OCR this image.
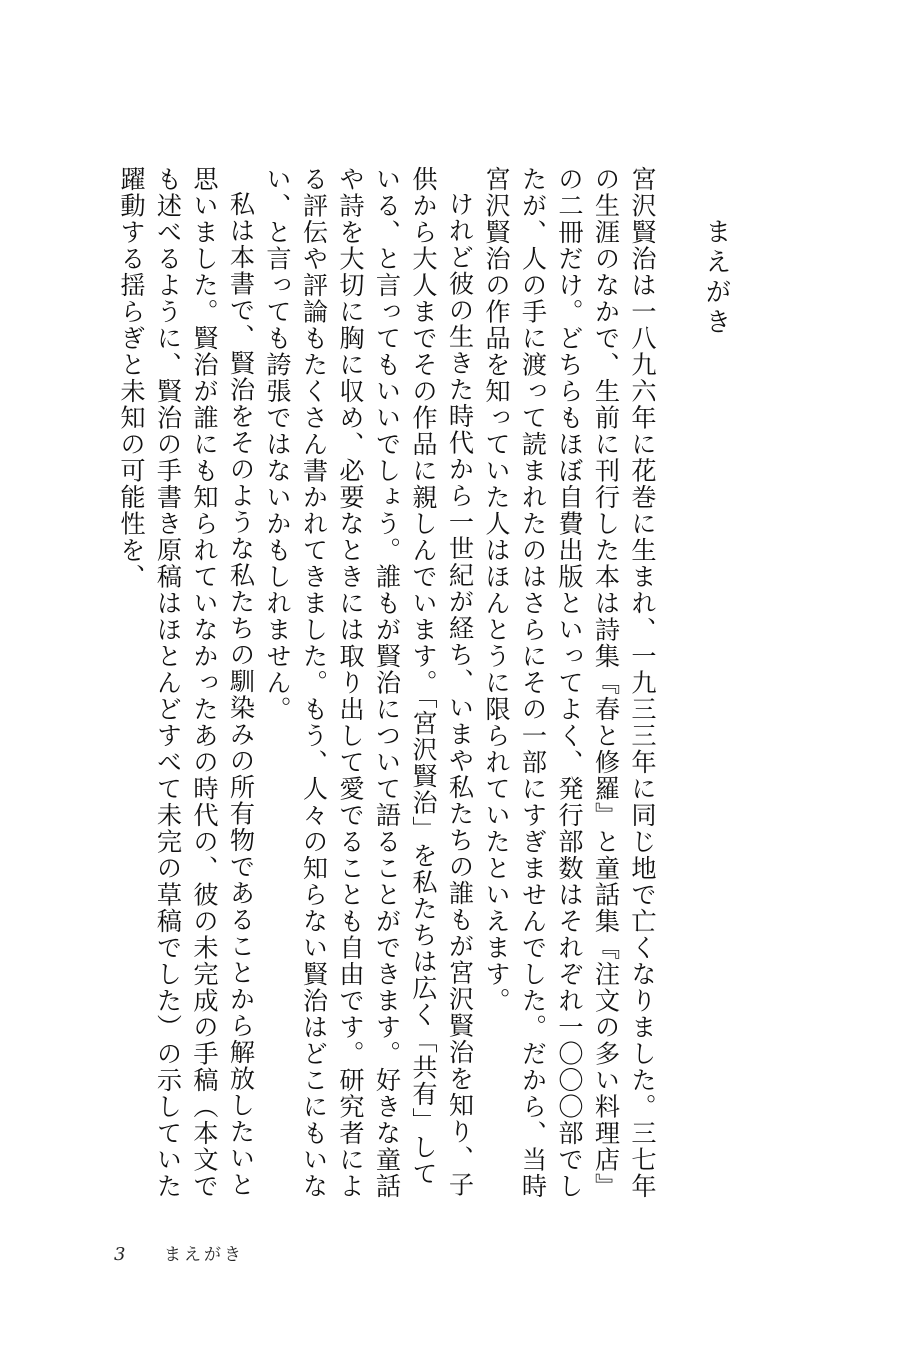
まえがき

宮沢賢治は一八九六年に花巻に生まれ、一九三三年に同じ地で亡くなりました。三七年の生涯のなかで、生前に刊行した本は詩集『春と修羅』と童話集『注文の多い料理店』の二冊だけ。どちらもほぼ自費出版といってよく、発行部数はそれぞれ一〇〇〇部でしたが、人の手に渡って読まれたのはさらにその一部にすぎませんでした。だから、当時宮沢賢治の作品を知っていた人はほんとうに限られていたといえます。

けれど彼の生きた時代から一世紀が経ち、いまや私たちの誰もが宮沢賢治を知り、子供から大人までその作品に親しんでいます。「宮沢賢治」を私たちは広く「共有」している、と言ってもいいでしょう。誰もが賢治について語ることができます。好きな童話や詩を大切に胸に収め、必要なときには取り出して愛でることも自由です。研究者による評伝や評論もたくさん書かれてきました。もう、人々の知らない賢治はどこにもいない、と言っても誇張ではないかもしれません。

私は本書で、賢治をそのような私たちの馴染みの所有物であることから解放したいと思いました。賢治が誰にも知られていなかったあの時代の、彼の未完成の手稿（本文でも述べるように、賢治の手書き原稿はほとんどすべて未完の草稿でした）の示していた躍動する揺らぎと未知の可能性を、

3	まえがき
